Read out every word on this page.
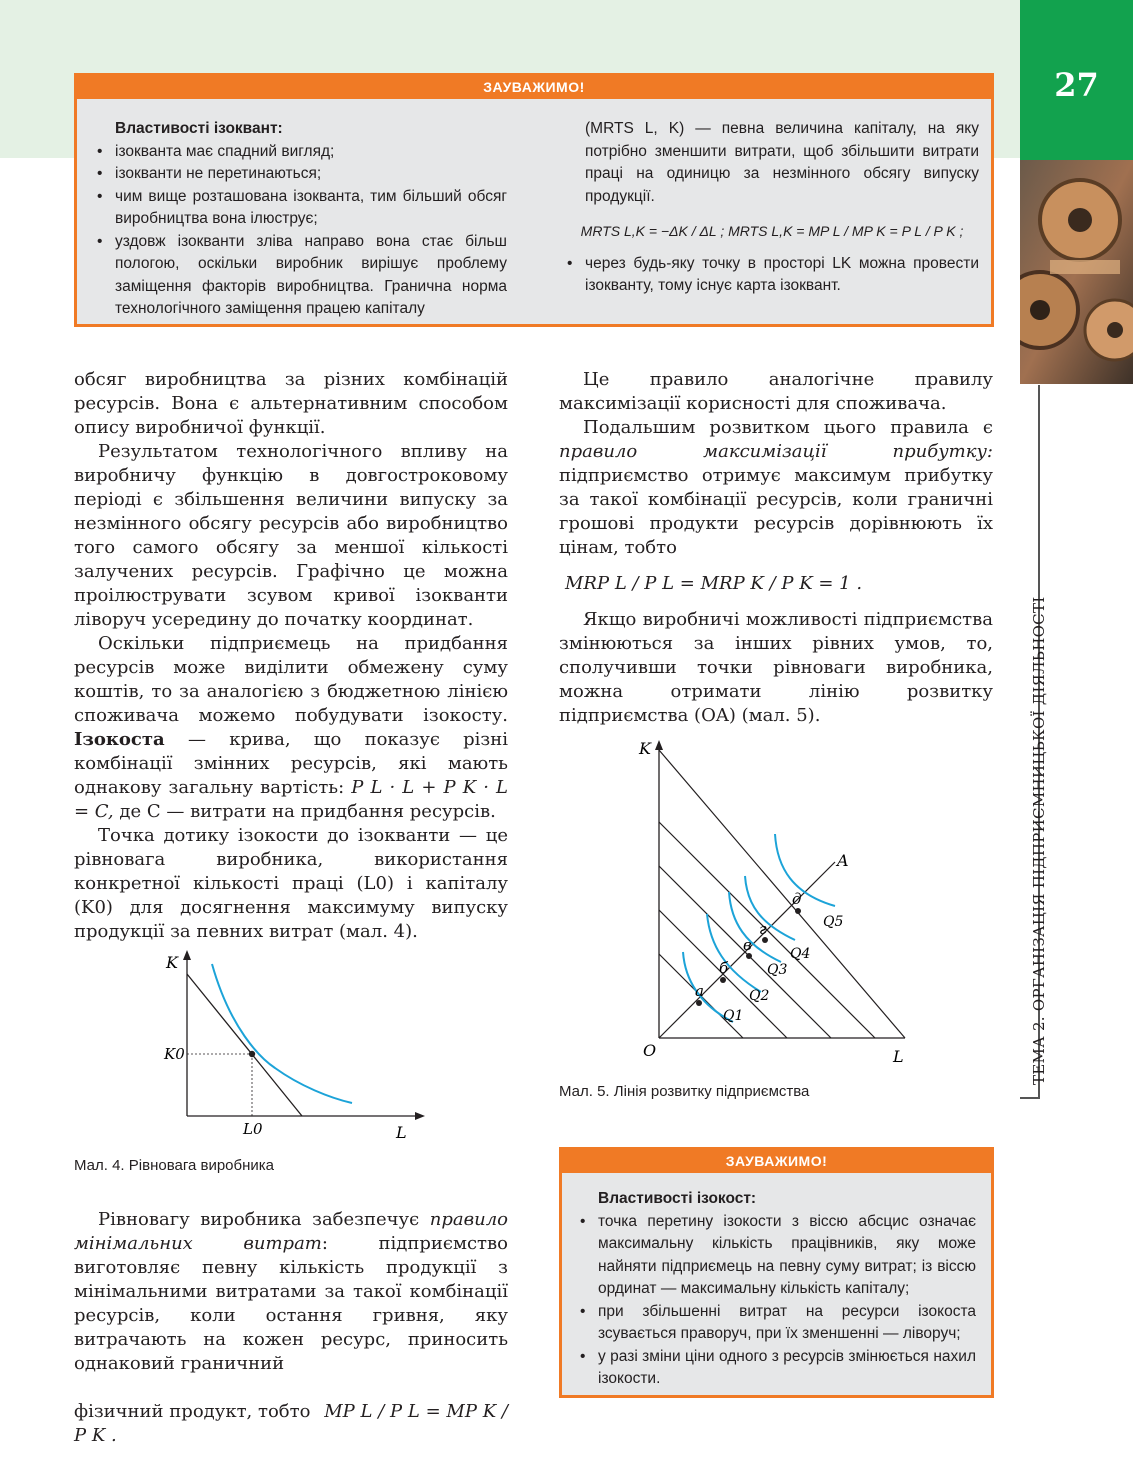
27
ТЕМА 2. ОРГАНІЗАЦІЯ ПІДПРИЄМНИЦЬКОЇ ДІЯЛЬНОСТІ
ЗАУВАЖИМО!
Властивості ізоквант:
• ізокванта має спадний вигляд;
• ізокванти не перетинаються;
• чим вище розташована ізокванта, тим більший обсяг виробництва вона ілюструє;
• уздовж ізокванти зліва направо вона стає більш пологою, оскільки виробник вирішує проблему заміщення факторів виробництва. Гранична норма технологічного заміщення працею капіталу
(MRTS L, K) — певна величина капіталу, на яку потрібно зменшити витрати, щоб збільшити витрати праці на одиницю за незмінного обсягу випуску продукції.
MRTS L,K = −ΔK / ΔL ; MRTS L,K = MP L / MP K = P L / P K ;
• через будь-яку точку в просторі LK можна провести ізокванту, тому існує карта ізоквант.

обсяг виробництва за різних комбінацій ресурсів. Вона є альтернативним способом опису виробничої функції.

Результатом технологічного впливу на виробничу функцію в довгостроковому періоді є збільшення величини випуску за незмінного обсягу ресурсів або виробництво того самого обсягу за меншої кількості залучених ресурсів. Графічно це можна проілюструвати зсувом кривої ізокванти ліворуч усередину до початку координат.

Оскільки підприємець на придбання ресурсів може виділити обмежену суму коштів, то за аналогією з бюджетною лінією споживача можемо побудувати ізокосту. Ізокоста — крива, що показує різні комбінації змінних ресурсів, які мають однакову загальну вартість: P L · L + P K · L = C, де C — витрати на придбання ресурсів.

Точка дотику ізокости до ізокванти — це рівновага виробника, використання конкретної кількості праці (L0) і капіталу (K0) для досягнення максимуму випуску продукції за певних витрат (мал. 4).

K
L
K0
L0
Мал. 4. Рівновага виробника

Рівновагу виробника забезпечує правило мінімальних витрат: підприємство виготовляє певну кількість продукції з мінімальними витратами за такої комбінації ресурсів, коли остання гривня, яку витрачають на кожен ресурс, приносить однаковий граничний

фізичний продукт, тобто MP L / P L = MP K / P K .

Це правило аналогічне правилу максимізації корисності для споживача.

Подальшим розвитком цього правила є правило максимізації прибутку: підприємство отримує максимум прибутку за такої комбінації ресурсів, коли граничні грошові продукти ресурсів дорівнюють їх цінам, тобто

MRP L / P L = MRP K / P K = 1 .

Якщо виробничі можливості підприємства змінюються за інших рівних умов, то, сполучивши точки рівноваги виробника, можна отримати лінію розвитку підприємства (OA) (мал. 5).

K
L
O
A
а
б
в
г
д
Q1
Q2
Q3
Q4
Q5
Мал. 5. Лінія розвитку підприємства
ЗАУВАЖИМО!
Властивості ізокост:
• точка перетину ізокости з віссю абсцис означає максимальну кількість працівників, яку може найняти підприємець на певну суму витрат; із віссю ординат — максимальну кількість капіталу;
• при збільшенні витрат на ресурси ізокоста зсувається праворуч, при їх зменшенні — ліворуч;
• у разі зміни ціни одного з ресурсів змінюється нахил ізокости.
